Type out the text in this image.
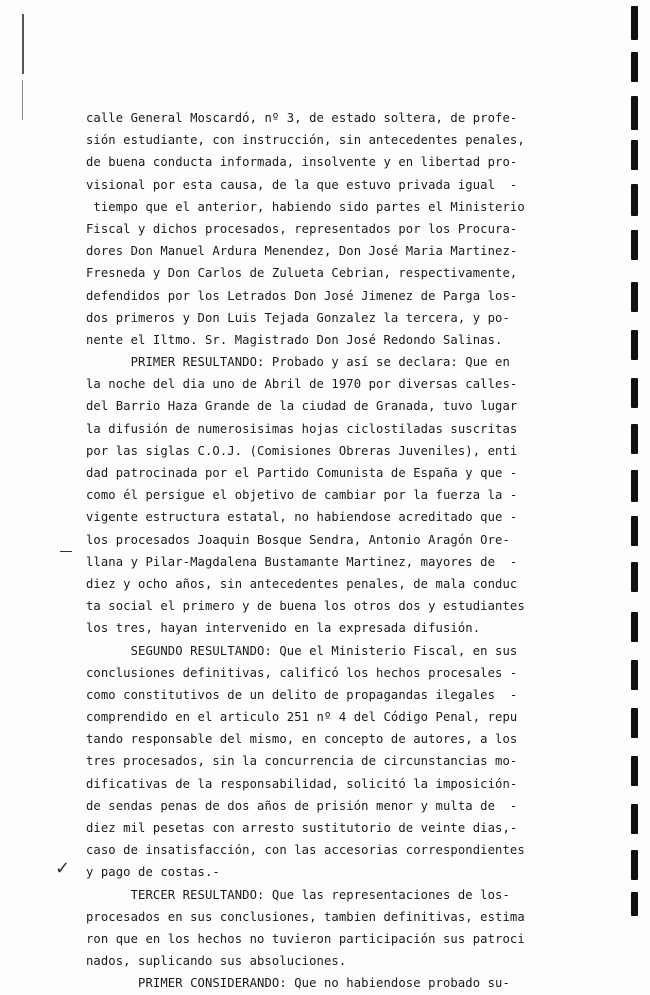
✓
calle General Moscardó, nº 3, de estado soltera, de profe-
sión estudiante, con instrucción, sin antecedentes penales,
de buena conducta informada, insolvente y en libertad pro-
visional por esta causa, de la que estuvo privada igual  -
tiempo que el anterior, habiendo sido partes el Ministerio
Fiscal y dichos procesados, representados por los Procura-
dores Don Manuel Ardura Menendez, Don José Maria Martinez-
Fresneda y Don Carlos de Zulueta Cebrian, respectivamente,
defendidos por los Letrados Don José Jimenez de Parga los-
dos primeros y Don Luis Tejada Gonzalez la tercera, y po-
nente el Iltmo. Sr. Magistrado Don José Redondo Salinas.
PRIMER RESULTANDO: Probado y así se declara: Que en
la noche del dia uno de Abril de 1970 por diversas calles-
del Barrio Haza Grande de la ciudad de Granada, tuvo lugar
la difusión de numerosisimas hojas ciclostiladas suscritas
por las siglas C.O.J. (Comisiones Obreras Juveniles), enti
dad patrocinada por el Partido Comunista de España y que -
como él persigue el objetivo de cambiar por la fuerza la -
vigente estructura estatal, no habiendose acreditado que -
los procesados Joaquin Bosque Sendra, Antonio Aragón Ore-
llana y Pilar-Magdalena Bustamante Martinez, mayores de  -
diez y ocho años, sin antecedentes penales, de mala conduc
ta social el primero y de buena los otros dos y estudiantes
los tres, hayan intervenido en la expresada difusión.
SEGUNDO RESULTANDO: Que el Ministerio Fiscal, en sus
conclusiones definitivas, calificó los hechos procesales -
como constitutivos de un delito de propagandas ilegales  -
comprendido en el articulo 251 nº 4 del Código Penal, repu
tando responsable del mismo, en concepto de autores, a los
tres procesados, sin la concurrencia de circunstancias mo-
dificativas de la responsabilidad, solicitó la imposición-
de sendas penas de dos años de prisión menor y multa de  -
diez mil pesetas con arresto sustitutorio de veinte dias,-
caso de insatisfacción, con las accesorias correspondientes
y pago de costas.-
TERCER RESULTANDO: Que las representaciones de los-
procesados en sus conclusiones, tambien definitivas, estima
ron que en los hechos no tuvieron participación sus patroci
nados, suplicando sus absoluciones.
PRIMER CONSIDERANDO: Que no habiendose probado su-
